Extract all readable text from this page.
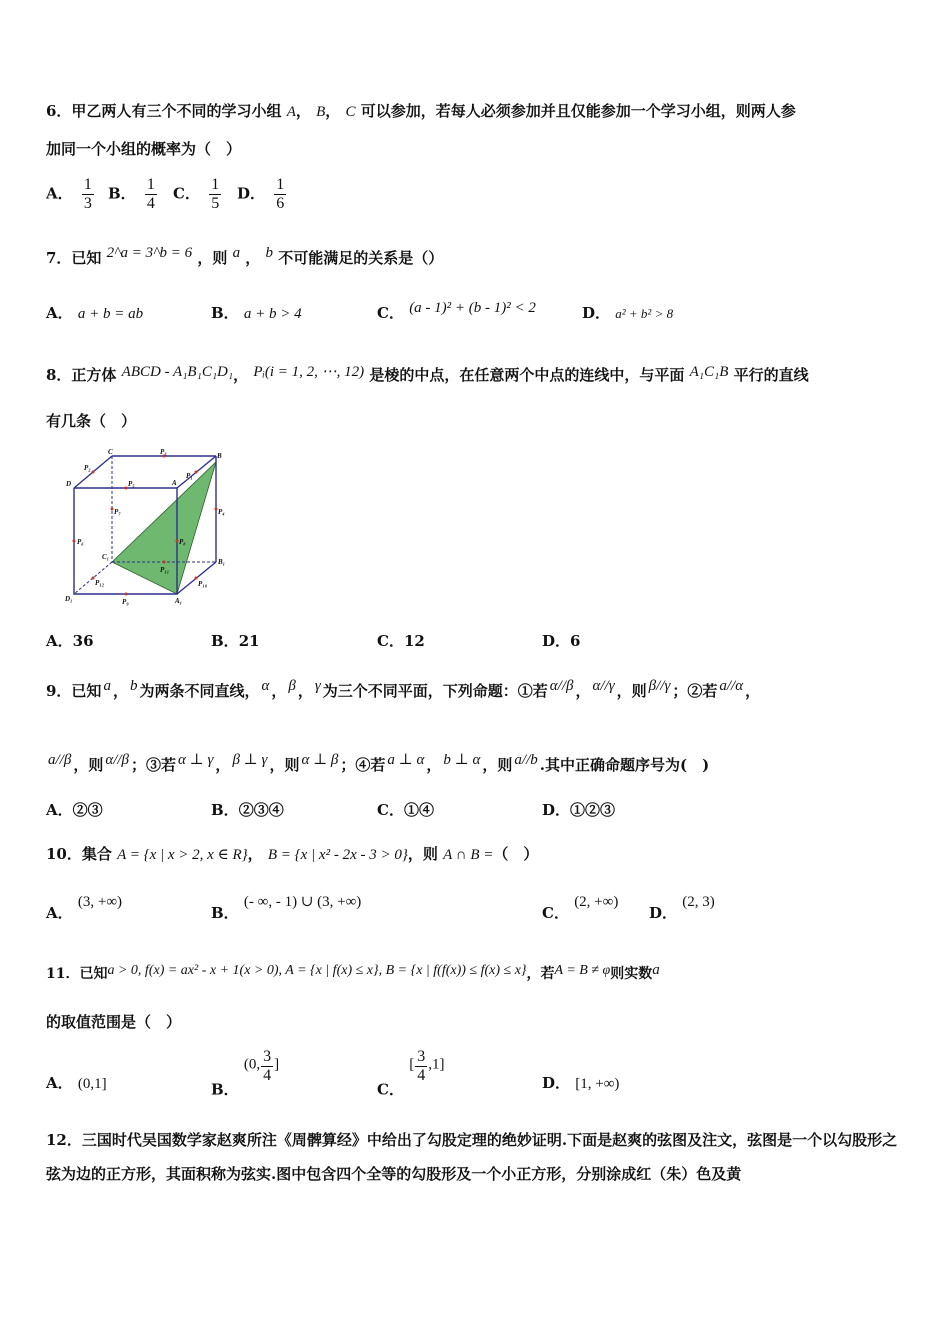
6．甲乙两人有三个不同的学习小组 A， B， C 可以参加，若每人必须参加并且仅能参加一个学习小组，则两人参
加同一个小组的概率为（　）
A． $\frac{1}{3}$ B． $\frac{1}{4}$ C． $\frac{1}{5}$ D． $\frac{1}{6}$
7．已知 2^a = 3^b = 6 ，则 a ， b 不可能满足的关系是（）
A． a + b = ab	B． a + b > 4	C． (a - 1)² + (b - 1)² < 2	D． a² + b² > 8
8．正方体 ABCD - A₁B₁C₁D₁， Pᵢ(i = 1, 2, ⋯, 12) 是棱的中点，在任意两个中点的连线中，与平面 A₁C₁B 平行的直线
有几条（　）
C
D	A
B
C₁
D₁	A₁
B₁
P₃
P₂
P₁
P₅
P₄
P₇
P₆	P₈
P₁₁
P₁₂	P₁₀
P₉
A．36	B．21	C．12	D．6
9．已知 a ， b 为两条不同直线， α ， β ， γ 为三个不同平面，下列命题：①若 α//β ， α//γ ，则 β//γ ；②若 a//α ，
a//β ，则 α//β ；③若 α ⊥ γ ， β ⊥ γ ，则 α ⊥ β ；④若 a ⊥ α ， b ⊥ α ，则 a//b .其中正确命题序号为(　)
A．②③	B．②③④	C．①④	D．①②③
10．集合 A = {x | x > 2, x ∈ R}， B = {x | x² - 2x - 3 > 0}，则 A ∩ B =（　）
A． (3, +∞)
B． (- ∞, - 1) ∪ (3, +∞)
C． (2, +∞)
D． (2, 3)
11．已知a > 0, f(x) = ax² - x + 1(x > 0), A = {x | f(x) ≤ x}, B = {x | f(f(x)) ≤ f(x) ≤ x}，若A = B ≠ φ则实数a
的取值范围是（　）
A． (0,1]	B． (0, $\frac{3}{4}$ ]
C． [ $\frac{3}{4} ,1$]
D． [1, +∞)
12．三国时代吴国数学家赵爽所注《周髀算经》中给出了勾股定理的绝妙证明.下面是赵爽的弦图及注文，弦图是一个以勾股形之弦为边的正方形，其面积称为弦实.图中包含四个全等的勾股形及一个小正方形，分别涂成红（朱）色及黄
